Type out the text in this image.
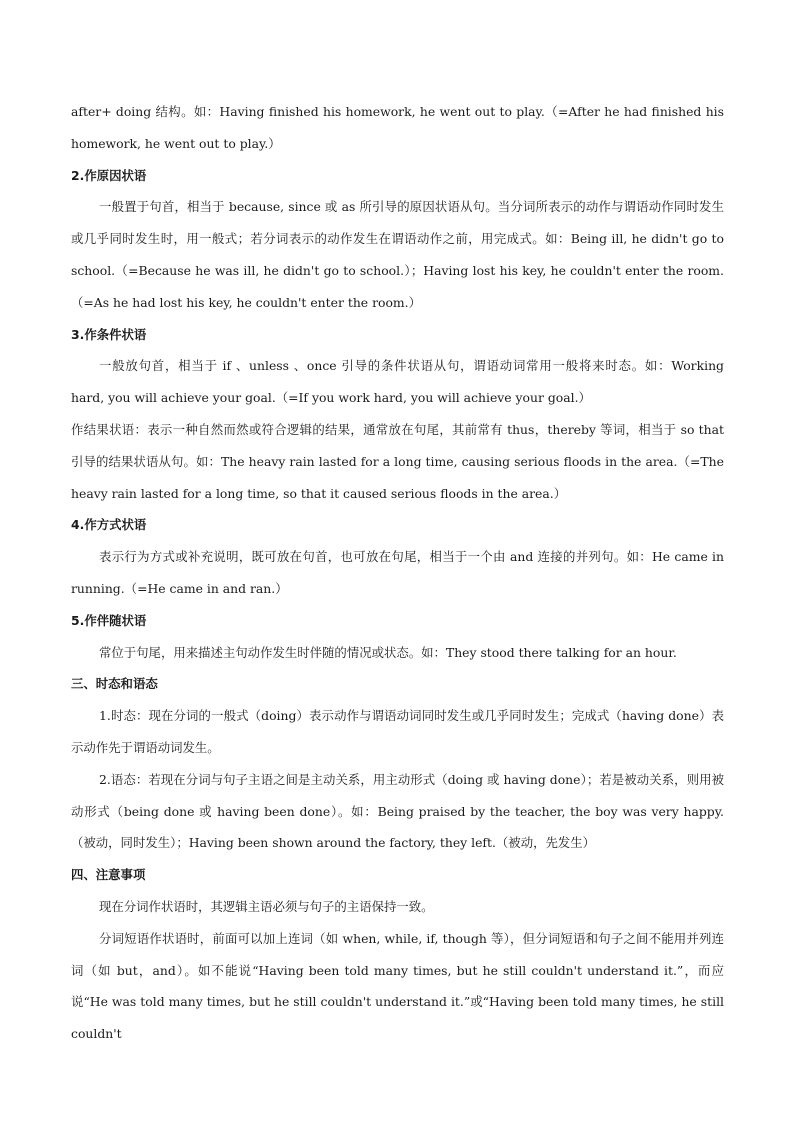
after+ doing 结构。如：Having finished his homework, he went out to play.（=After he had finished his homework, he went out to play.）

2.作原因状语

一般置于句首，相当于 because, since 或 as 所引导的原因状语从句。当分词所表示的动作与谓语动作同时发生或几乎同时发生时，用一般式；若分词表示的动作发生在谓语动作之前，用完成式。如：Being ill, he didn't go to school.（=Because he was ill, he didn't go to school.）；Having lost his key, he couldn't enter the room.（=As he had lost his key, he couldn't enter the room.）

3.作条件状语

一般放句首，相当于 if 、unless 、once 引导的条件状语从句，谓语动词常用一般将来时态。如：Working hard, you will achieve your goal.（=If you work hard, you will achieve your goal.）

作结果状语：表示一种自然而然或符合逻辑的结果，通常放在句尾，其前常有 thus，thereby 等词，相当于 so that 引导的结果状语从句。如：The heavy rain lasted for a long time, causing serious floods in the area.（=The heavy rain lasted for a long time, so that it caused serious floods in the area.）

4.作方式状语

表示行为方式或补充说明，既可放在句首，也可放在句尾，相当于一个由 and 连接的并列句。如：He came in running.（=He came in and ran.）

5.作伴随状语

常位于句尾，用来描述主句动作发生时伴随的情况或状态。如：They stood there talking for an hour.

三、时态和语态

1.时态：现在分词的一般式（doing）表示动作与谓语动词同时发生或几乎同时发生；完成式（having done）表示动作先于谓语动词发生。

2.语态：若现在分词与句子主语之间是主动关系，用主动形式（doing 或 having done）；若是被动关系，则用被动形式（being done 或 having been done）。如：Being praised by the teacher, the boy was very happy.（被动，同时发生）；Having been shown around the factory, they left.（被动，先发生）

四、注意事项

现在分词作状语时，其逻辑主语必须与句子的主语保持一致。

分词短语作状语时，前面可以加上连词（如 when, while, if, though 等），但分词短语和句子之间不能用并列连词（如 but，and）。如不能说“Having been told many times, but he still couldn't understand it.”，而应说“He was told many times, but he still couldn't understand it.”或“Having been told many times, he still couldn't
